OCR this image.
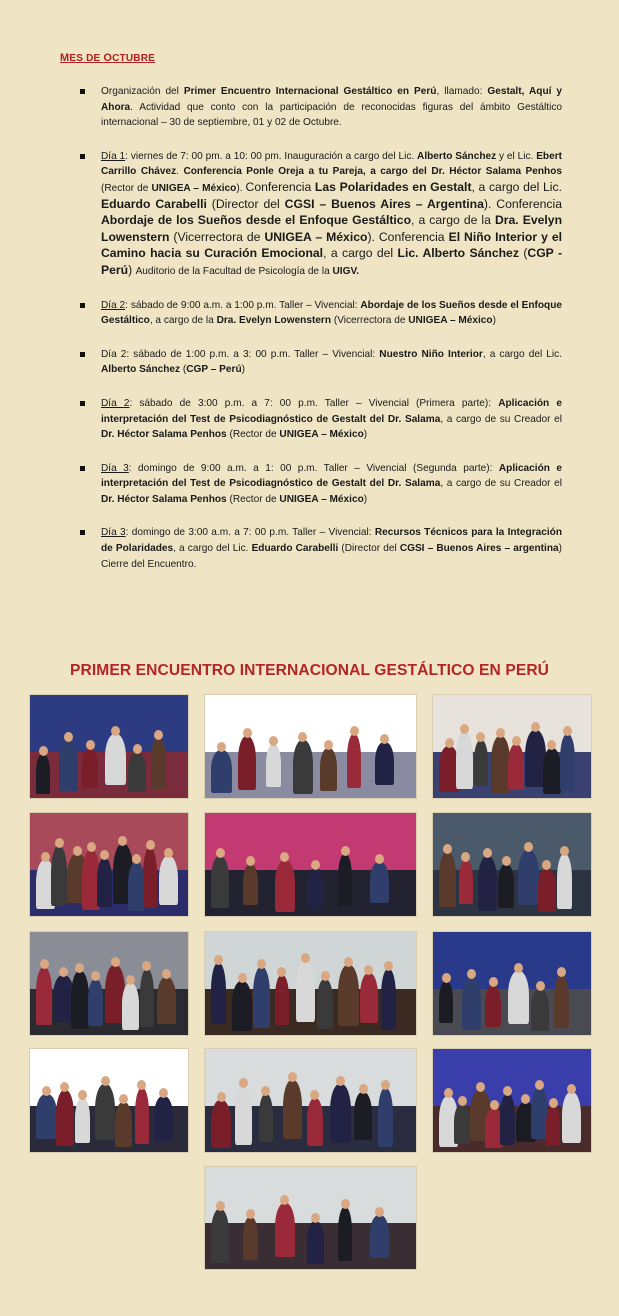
MES DE OCTUBRE
Organización del Primer Encuentro Internacional Gestáltico en Perú, llamado: Gestalt, Aquí y Ahora. Actividad que conto con la participación de reconocidas figuras del ámbito Gestáltico internacional – 30 de septiembre, 01 y 02 de Octubre.
Día 1: viernes de 7: 00 pm. a 10: 00 pm. Inauguración a cargo del Lic. Alberto Sánchez y el Lic. Ebert Carrillo Chávez. Conferencia Ponle Oreja a tu Pareja, a cargo del Dr. Héctor Salama Penhos (Rector de UNIGEA – México). Conferencia Las Polaridades en Gestalt, a cargo del Lic. Eduardo Carabelli (Director del CGSI – Buenos Aires – Argentina). Conferencia Abordaje de los Sueños desde el Enfoque Gestáltico, a cargo de la Dra. Evelyn Lowenstern (Vicerrectora de UNIGEA – México). Conferencia El Niño Interior y el Camino hacia su Curación Emocional, a cargo del Lic. Alberto Sánchez (CGP - Perú) Auditorio de la Facultad de Psicología de la UIGV.
Día 2: sábado de 9:00 a.m. a 1:00 p.m. Taller – Vivencial: Abordaje de los Sueños desde el Enfoque Gestáltico, a cargo de la Dra. Evelyn Lowenstern (Vicerrectora de UNIGEA – México)
Día 2: sábado de 1:00 p.m. a 3: 00 p.m. Taller – Vivencial: Nuestro Niño Interior, a cargo del Lic. Alberto Sánchez (CGP – Perú)
Día 2: sábado de 3:00 p.m. a 7: 00 p.m. Taller – Vivencial (Primera parte): Aplicación e interpretación del Test de Psicodiagnóstico de Gestalt del Dr. Salama, a cargo de su Creador el Dr. Héctor Salama Penhos (Rector de UNIGEA – México)
Día 3: domingo de 9:00 a.m. a 1: 00 p.m. Taller – Vivencial (Segunda parte): Aplicación e interpretación del Test de Psicodiagnóstico de Gestalt del Dr. Salama, a cargo de su Creador el Dr. Héctor Salama Penhos (Rector de UNIGEA – México)
Día 3: domingo de 3:00 a.m. a 7: 00 p.m. Taller – Vivencial: Recursos Técnicos para la Integración de Polaridades, a cargo del Lic. Eduardo Carabelli (Director del CGSI – Buenos Aires – argentina) Cierre del Encuentro.
PRIMER ENCUENTRO INTERNACIONAL GESTÁLTICO EN PERÚ
